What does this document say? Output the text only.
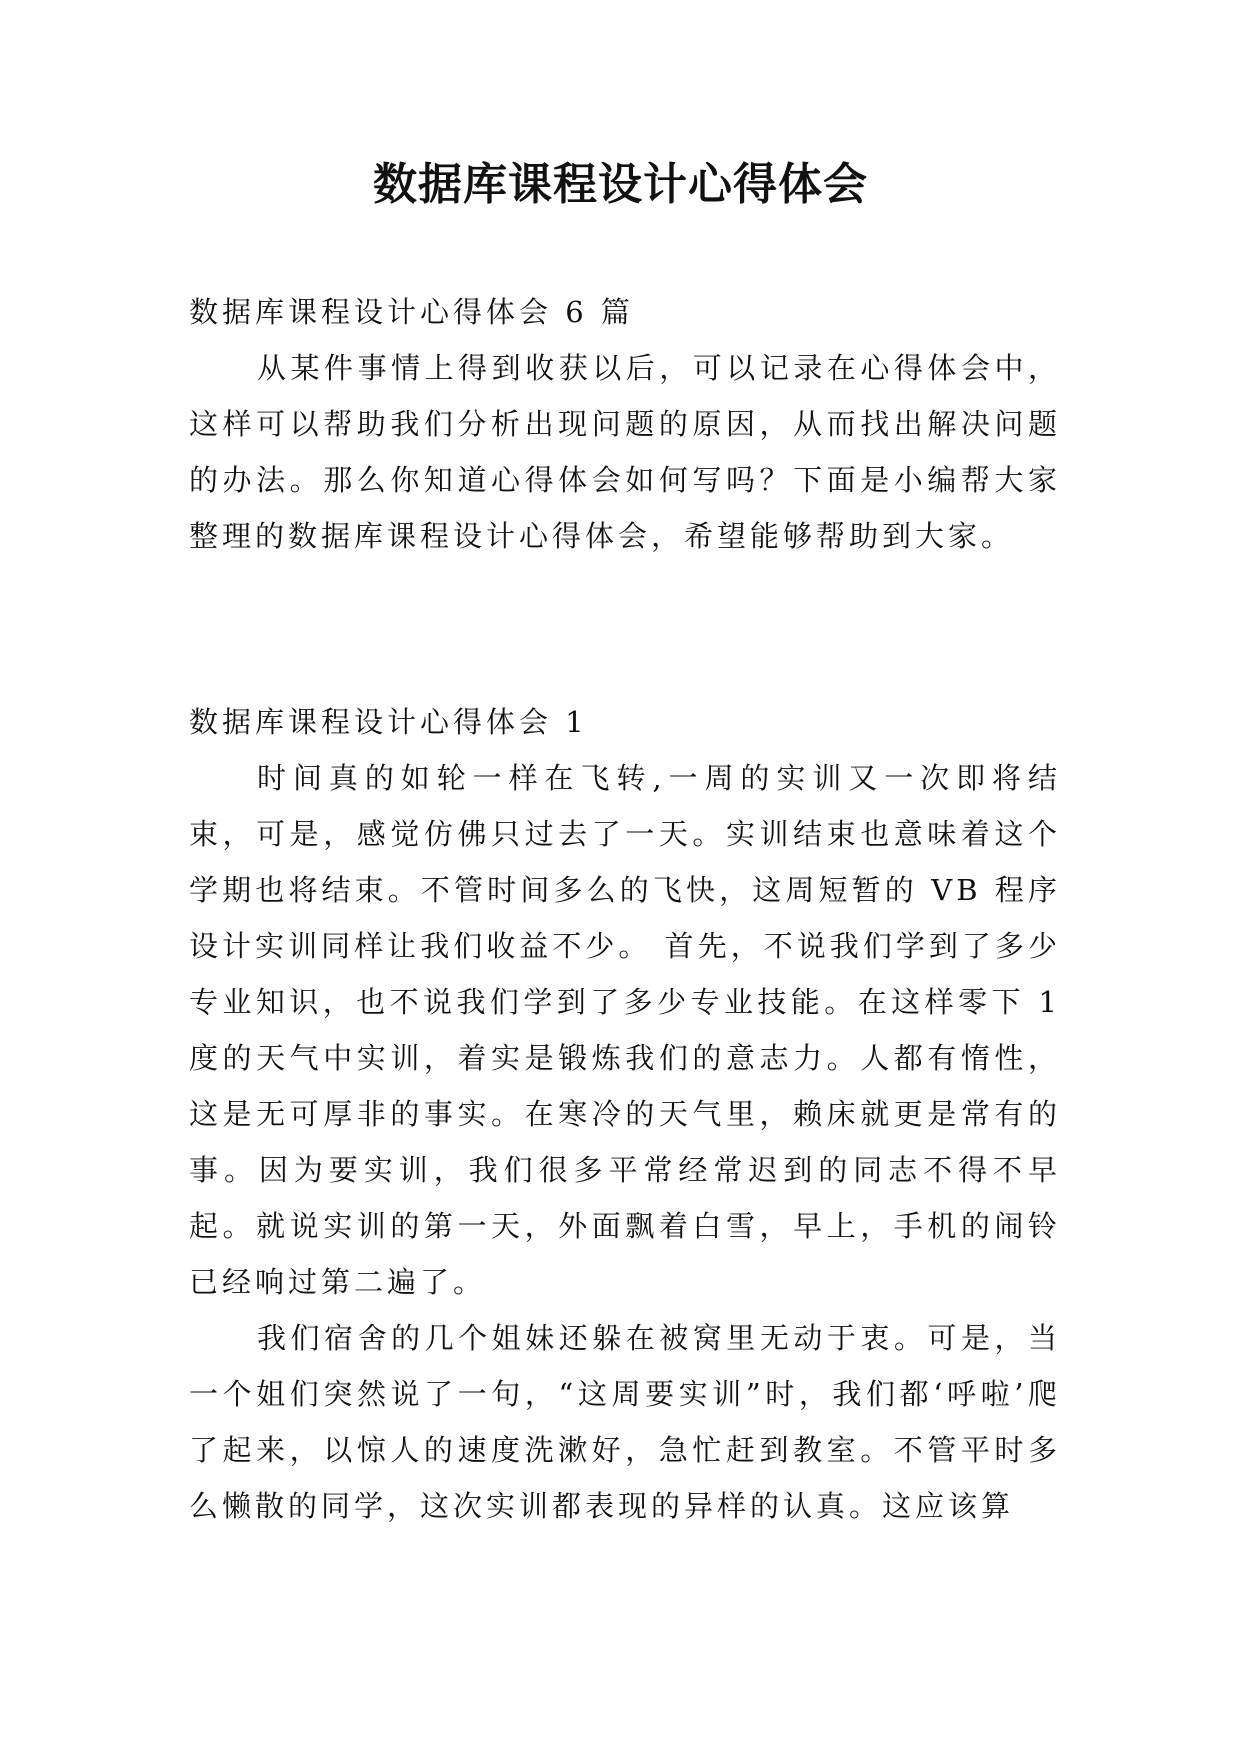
数据库课程设计心得体会

数据库课程设计心得体会 6 篇

从某件事情上得到收获以后，可以记录在心得体会中，这样可以帮助我们分析出现问题的原因，从而找出解决问题的办法。那么你知道心得体会如何写吗？下面是小编帮大家整理的数据库课程设计心得体会，希望能够帮助到大家。

数据库课程设计心得体会 1

时间真的如轮一样在飞转,一周的实训又一次即将结束，可是，感觉仿佛只过去了一天。实训结束也意味着这个学期也将结束。不管时间多么的飞快，这周短暂的 VB 程序设计实训同样让我们收益不少。 首先，不说我们学到了多少专业知识，也不说我们学到了多少专业技能。在这样零下 1 度的天气中实训，着实是锻炼我们的意志力。人都有惰性，这是无可厚非的事实。在寒冷的天气里，赖床就更是常有的事。因为要实训，我们很多平常经常迟到的同志不得不早起。就说实训的第一天，外面飘着白雪，早上，手机的闹铃已经响过第二遍了。

我们宿舍的几个姐妹还躲在被窝里无动于衷。可是，当一个姐们突然说了一句，“这周要实训”时，我们都‘呼啦’爬了起来，以惊人的速度洗漱好，急忙赶到教室。不管平时多么懒散的同学，这次实训都表现的异样的认真。这应该算
